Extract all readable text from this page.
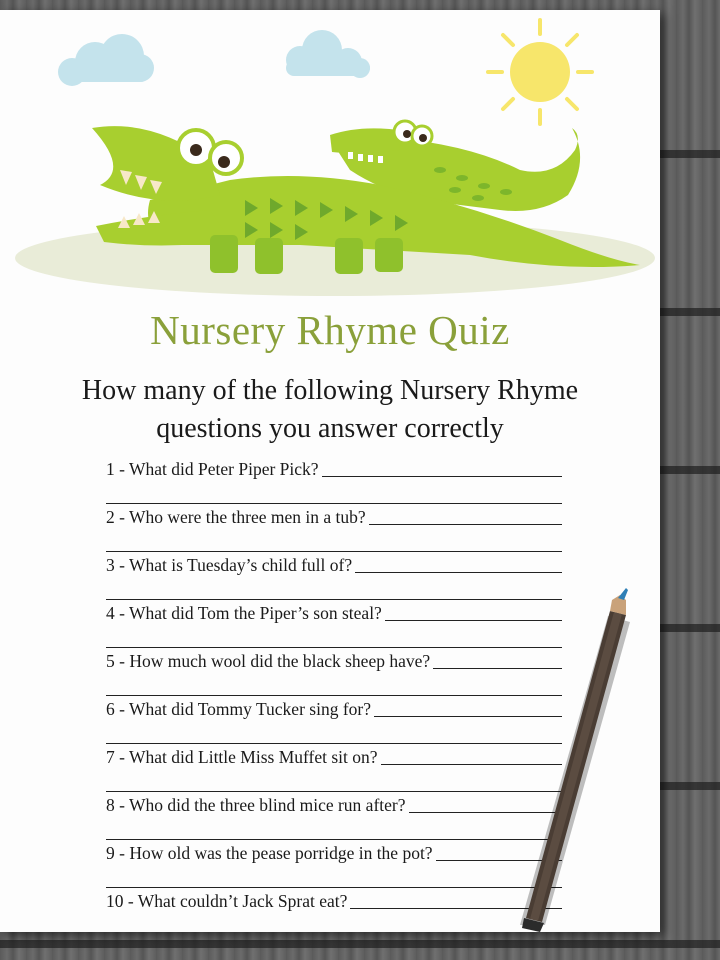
Nursery Rhyme Quiz
How many of the following Nursery Rhyme
questions you answer correctly
1 - What did Peter Piper Pick?
2 - Who were the three men in a tub?
3 - What is Tuesday’s child full of?
4 - What did Tom the Piper’s son steal?
5 - How much wool did the black sheep have?
6 - What did Tommy Tucker sing for?
7 - What did Little Miss Muffet sit on?
8 - Who did the three blind mice run after?
9 - How old was the pease porridge in the pot?
10 - What couldn’t Jack Sprat eat?
